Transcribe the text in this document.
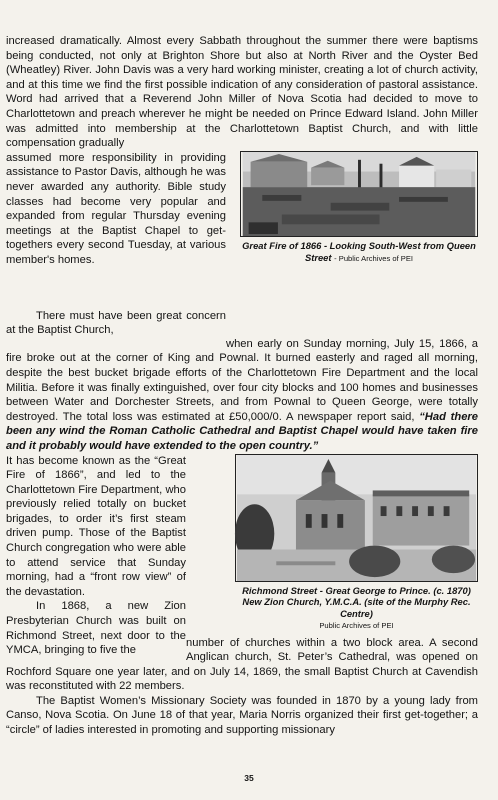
increased dramatically. Almost every Sabbath throughout the summer there were baptisms being conducted, not only at Brighton Shore but also at North River and the Oyster Bed (Wheatley) River. John Davis was a very hard working minister, creating a lot of church activity, and at this time we find the first possible indication of any consideration of pastoral assistance. Word had arrived that a Reverend John Miller of Nova Scotia had decided to move to Charlottetown and preach wherever he might be needed on Prince Edward Island. John Miller was admitted into membership at the Charlottetown Baptist Church, and with little compensation gradually

assumed more responsibility in providing assistance to Pastor Davis, although he was never awarded any authority. Bible study classes had become very popular and expanded from regular Thursday evening meetings at the Baptist Chapel to get-togethers every second Tuesday, at various member's homes.

Great Fire of 1866 - Looking South-West from Queen Street - Public Archives of PEI

There must have been great concern at the Baptist Church,

when early on Sunday morning, July 15, 1866, a fire broke out at the corner of King and Pownal. It burned easterly and raged all morning, despite the best bucket brigade efforts of the Charlottetown Fire Department and the local Militia. Before it was finally extinguished, over four city blocks and 100 homes and businesses between Water and Dorchester Streets, and from Pownal to Queen George, were totally destroyed. The total loss was estimated at £50,000/0. A newspaper report said, “Had there been any wind the Roman Catholic Cathedral and Baptist Chapel would have taken fire and it probably would have extended to the open country.”

It has become known as the “Great Fire of 1866”, and led to the Charlottetown Fire Department, who previously relied totally on bucket brigades, to order it’s first steam driven pump. Those of the Baptist Church congregation who were able to attend service that Sunday morning, had a “front row view” of the devastation.

In 1868, a new Zion Presbyterian Church was built on Richmond Street, next door to the YMCA, bringing to five the

Richmond Street - Great George to Prince. (c. 1870)
New Zion Church, Y.M.C.A. (site of the Murphy Rec. Centre)
Public Archives of PEI

number of churches within a two block area. A second Anglican church, St. Peter’s Cathedral, was opened on Rochford Square one year later, and on July 14, 1869, the small Baptist Church at Cavendish was reconstituted with 22 members.

The Baptist Women’s Missionary Society was founded in 1870 by a young lady from Canso, Nova Scotia. On June 18 of that year, Maria Norris organized their first get-together; a “circle” of ladies interested in promoting and supporting missionary

35
